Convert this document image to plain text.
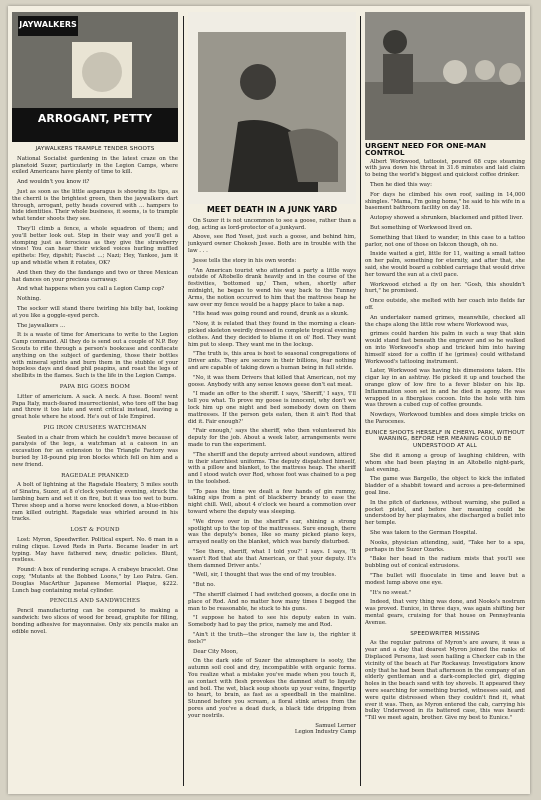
JAYWALKERS
ARROGANT, PETTY
JAYWALKERS TRAMPLE TENDER SHOOTS

National Socialist gardening in the latest craze on the planetoid Suzer, particularly in the Legion Camps, where exiled Americans have plenty of time to kill.

And wouldn't you know it?

Just as soon as the little asparagus is showing its tips, as the cherril is the brightest green, then the jaywalkers dart through, arrogant, petty heads covered with ... hampers to hide identities. Their whole business, it seems, is to trample what tender shoots they see.

They'll climb a fence, a whole squadron of them; and you'll better look out. Step in their way and you'll get a stomping just as ferocious as they give the strawberry vines! You can hear their wicked voices hurling muffled epithets: Hey, dipshit; Fascist ...; Nazi; Hey, Yankee, jam it up and whistle when it rotates, OK?

And then they do the fandango and two or three Mexican hat dances on your precious carraway.

And what happens when you call a Legion Camp cop?

Nothing.

The socker will stand there twirling his billy bat, looking at you like a goggle-eyed perch.

The jaywalkers ...

It is a waste of time for Americans to write to the Legion Camp command. All they do is send out a couple of N.P. Boy Scouts to rifle through a person's bookcase and confiscate anything on the subject of gardening, those their bottles with mineral spirits and burn them in the stubble of your hopeless days and dead phil peapins, and roast the legs of shellbits in the flames. Such is the life in the Legion Camps.

PAPA BIG GOES BOOM

Litter of americium. A sack. A neck. A fuse. Boom! went Papa Italy, much-feared insurrectionist, who tore off the bag and threw it too late and went critical instead, leaving a great hole where he stood. He's out of Isle Empired.

PIG IRON CRUSHES WATCHMAN

Seated in a chair from which he couldn't move because of paralysis of the legs, a watchman at a caisson in an excavation for an extension to the Triangle Factory was buried by 18-pound pig iron blocks which fell on him and a new friend.

RAGEDALE PRANKED

A bolt of lightning at the Ragsdale Heatery, 5 miles south of Sinatra, Suzer, at 8 o'clock yesterday evening, struck the lambing barn and set it on fire, but it was too wet to burn. Three sheep and a horse were knocked down, a blue-ribbon ram killed outright. Ragsdale was whirled around in his tracks.

LOST & FOUND

Lost: Myron, Speedwriter. Political expert. No. 6 man in a ruling clique. Loved Reds in Paris. Became leader in art typing. May have fathered new, drastic policies. Blunt, restless.

Found: A box of rendering scraps. A crabeye bracelet. One copy, "Mutants at the Bobbed Loons," by Leo Patra. Gen. Douglas MacArthur Japanese Memorial Plaque, $222. Lunch bag containing metal cylinder.

PENCILS AND SANDWICHES

Pencil manufacturing can be compared to making a sandwich: two slices of wood for bread, graphite for filling, bonding adhesive for mayonnaise. Only six pencils make an edible novel.

MEET DEATH IN A JUNK YARD

On Suzer it is not uncommon to see a goose, rather than a dog, acting as lord-protector of a junkyard.

Above, see Rod Yeset, just such a goose, and behind him, junkyard owner Chokosh Jesse. Both are in trouble with the law . . .

Jesse tells the story in his own words:

"An American tourist who attended a party a little ways outside of Altobello drank heavily and in the course of the festivities, 'bottomed up,' Then, when, shortly after midnight, he began to wend his way back to the Tunney Arms, the notion occurred to him that the mattress heap he saw over my fence would be a happy place to take a nap.

"His head was going round and round, drunk as a skunk.

"Now, it is related that they found in the morning a clean-picked skeleton weirdly dressed in complete tropical evening clothes. And they decided to blame it on ol' Rod. They want him put to sleep. They want me in the lockup.

"The truth is, this area is host to seasonal congregations of Driver ants. They are secure in their billions, fear nothing and are capable of taking down a human being in full stride.

"No, it was them Drivers that killed that American, not my goose. Anybody with any sense knows geese don't eat meat.

"I made an offer to the sheriff. I says, 'Sheriff,' I says, 'I'll tell you what. To prove my goose is innocent, why don't we lock him up one night and bed somebody down on them mattresses. If the person gets eaten, then it ain't Rod that did it. Fair enough?'

"Fair enough,' says the sheriff, who then volunteered his deputy for the job. About a week later, arrangements were made to run the experiment.

"The sheriff and the deputy arrived about sundown, attired in their starchiest uniforms. The deputy dispatched himself, with a pillow and blanket, to the mattress heap. The sheriff and I stood watch over Rod, whose foot was chained to a peg in the toolshed.

"To pass the time we dealt a few hands of gin rummy, taking sips from a pint of blackberry brandy to ease the night chill. Well, about 4 o'clock we heard a commotion over toward where the deputy was sleeping.

"We drove over in the sheriff's car, shining a strong spotlight up to the top of the mattresses. Sure enough, there was the deputy's bones, like so many picked piano keys, arrayed neatly on the blanket, which was barely disturbed.

"See there, sheriff, what I told you?' I says. I says, 'It wasn't Rod that ate that American, or that your deputy. It's them damned Driver ants.'

"Well, sir, I thought that was the end of my troubles.

"But no.

"The sheriff claimed I had switched gooses, a docile one in place of Rod. And no matter how many times I begged the man to be reasonable, he stuck to his guns.

"I suppose he hated to see his deputy eaten in vain. Somebody had to pay the price, namely me and Rod.

"Ain't it the truth—the stronger the law is, the righter it feels?"

Dear City Moon,

On the dark side of Suzer the atmosphere is sooty, the autumn soil cool and dry, incompatible with organic forms. You realize what a mistake you've made when you touch it, as contact with flesh provokes the damned stuff to liquefy and boil. The wet, black soup shoots up your veins, fingertip to heart, to brain, as fast as a speedball in the mainline. Stunned before you scream, a floral stink arises from the pores and you've a dead duck, a black tide dripping from your nostrils.

Samuel Lerner
Legion Industry Camp
URGENT NEED FOR ONE-MAN CONTROL

Albert Workwood, tattooist, poured 68 cups steaming with java down his throat in 31.6 minutes and laid claim to being the world's biggest and quickest coffee drinker.

Then he died this way:

For days he climbed his own roof, sailing in 14,000 shingles. "Mama, I'm going home," he said to his wife in a basement bathroom facility on day 18.

Autopsy showed a shrunken, blackened and pitted liver.

But something of Workwood lived on.

Something that liked to wander, in this case to a tattoo parlor, not one of those on Iskcon though, oh no.

Inside waited a girl, little for 11, waiting a small tattoo on her palm, something for eternity, and after that, she said, she would board a cobbled carriage that would drive her toward the sun at a civil pace.

Workwood etched a fly on her. "Gosh, this shouldn't hurt," he promised.

Once outside, she melted with her coach into fields far off.

An undertaker named grimes, meanwhile, checked all the chaps along the little row where Workwood was,

grimes could harden his palm in such a way that skin would stand fast beneath the engraver and so he walked on into Workwood's shop and tricked him into having himself sized for a coffin if he (grimes) could withstand Workwood's tattooing instrument.

Later, Workwood was having his dimensions taken. His cigar lay in an ashtray. He picked it up and touched the orange glow of low fire to a fever blister on his lip. Inflammation soon set in and he died in agony. He was wrapped in a fiberglass cocoon. Into the hole with him was thrown a cubed cup of coffee grounds.

Nowdays, Workwood tumbles and does simple tricks on the Parocenes.

EUNICE SHOOTS HERSELF IN CHERYL PARK, WITHOUT WARNING, BEFORE HER MEANING COULD BE UNDERSTOOD AT ALL

She did it among a group of laughing children, with whom she had been playing in an Altobello night-park, last evening.

The game was Bargello, the object to kick the inflated bladder of a shabbit toward and across a pre-determined goal line.

In the pitch of darkness, without warning, she pulled a pocket pistol, and before her meaning could be understood by her playmates, she discharged a bullet into her temple.

She was taken to the German Hospital.

Nooks, physician attending, said, "Take her to a spa, perhaps in the Suzer Ozarks.

"Bake her head in the radium mists that you'll see bubbling out of conical extrusions.

"The bullet will fluoculate in time and leave but a modest lump above one eye.

"It's no sweat."

Indeed, that very thing was done, and Nooks's nostrum was proved. Eunice, in three days, was again shifting her mental gears, cruising for that house on Pennsylvania Avenue.

SPEEDWRITER MISSING

As the regular patrons of Myron's are aware, it was a year and a day that dearest Myron joined the ranks of Displaced Persons, last seen hailing a Checker cab in the vicinity of the beach at Far Rockaway. Investigators know only that he had been that afternoon in the company of an elderly gentleman and a dark-complected girl, digging holes in the beach sand with toy shovels. It appeared they were searching for something buried, witnesses said, and were quite distressed when they couldn't find it, what ever it was. Then, as Myron entered the cab, carrying his bulky Underwood in its battered case, this was heard: "Till we meet again, brother. Give my best to Eunice."
